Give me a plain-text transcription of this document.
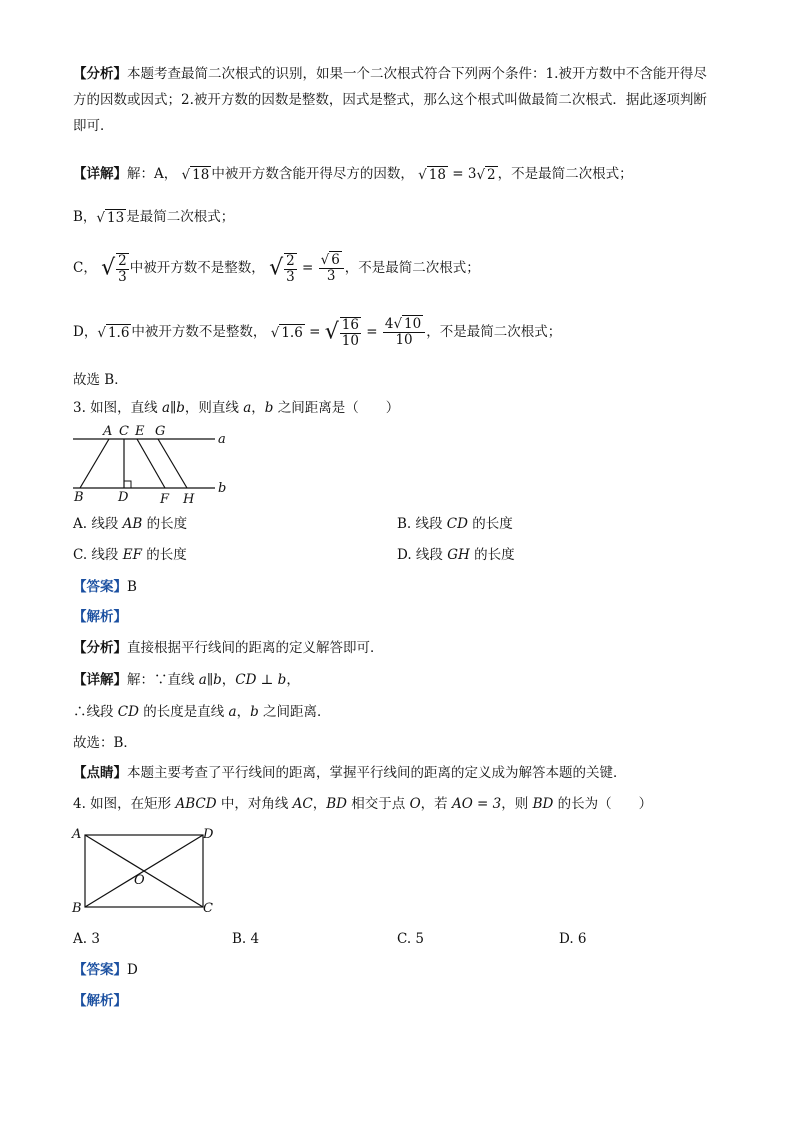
【分析】本题考查最简二次根式的识别，如果一个二次根式符合下列两个条件：1.被开方数中不含能开得尽
方的因数或因式；2.被开方数的因数是整数，因式是整式，那么这个根式叫做最简二次根式．据此逐项判断
即可．
【详解】解：A， √ 18 中被开方数含能开得尽方的因数， √ 18 = 3√ 2 ，不是最简二次根式；
B，√ 13 是最简二次根式；
C， √ $\frac{2}{3}$ 中被开方数不是整数， √ $\frac{2}{3} = \frac{√ 6}{3}$ ，不是最简二次根式；
D，√ 1.6 中被开方数不是整数， √ 1.6 = √ $\frac{16}{10} = \frac{4√ 10}{10}$ ，不是最简二次根式；
故选 B．
3. 如图，直线 a∥b，则直线 a，b 之间距离是（　　）
A C E G
a
B	D F H
b
A. 线段 AB 的长度	B. 线段 CD 的长度
C. 线段 EF 的长度	D. 线段 GH 的长度
【答案】B
【解析】
【分析】直接根据平行线间的距离的定义解答即可．
【详解】解：∵直线 a∥b，CD ⊥ b，
∴线段 CD 的长度是直线 a，b 之间距离．
故选：B．
【点睛】本题主要考查了平行线间的距离，掌握平行线间的距离的定义成为解答本题的关键．
4. 如图，在矩形 ABCD 中，对角线 AC，BD 相交于点 O，若 AO = 3，则 BD 的长为（　　）
A	D
O
B	C
A. 3	B. 4	C. 5	D. 6
【答案】D
【解析】
